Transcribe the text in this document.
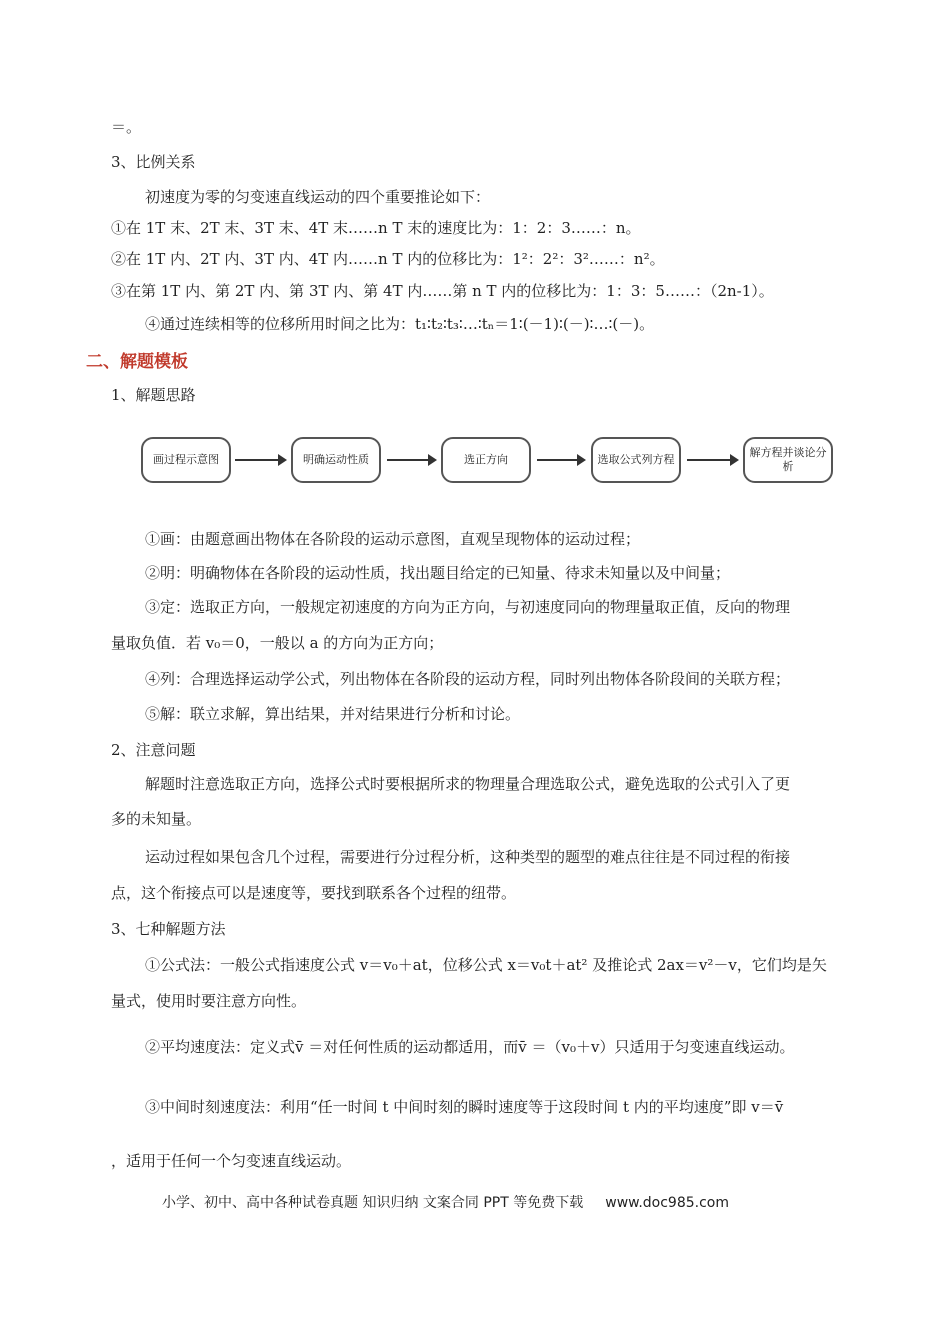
＝。
3、比例关系
初速度为零的匀变速直线运动的四个重要推论如下：
①在 1T 末、2T 末、3T 末、4T 末……n T 末的速度比为：1：2：3……：n。
②在 1T 内、2T 内、3T 内、4T 内……n T 内的位移比为：1²：2²：3²……：n²。
③在第 1T 内、第 2T 内、第 3T 内、第 4T 内……第 n T 内的位移比为：1：3：5……：（2n-1）。
④通过连续相等的位移所用时间之比为：t₁∶t₂∶t₃∶…∶tₙ＝1∶(－1)∶(－)∶…∶(－)。
二、解题模板
1、解题思路
画过程示意图	明确运动性质	选正方向	选取公式列方程
解方程并谈论分析
①画：由题意画出物体在各阶段的运动示意图，直观呈现物体的运动过程；
②明：明确物体在各阶段的运动性质，找出题目给定的已知量、待求未知量以及中间量；
③定：选取正方向，一般规定初速度的方向为正方向，与初速度同向的物理量取正值，反向的物理
量取负值．若 v₀＝0，一般以 a 的方向为正方向；
④列：合理选择运动学公式，列出物体在各阶段的运动方程，同时列出物体各阶段间的关联方程；
⑤解：联立求解，算出结果，并对结果进行分析和讨论。
2、注意问题
解题时注意选取正方向，选择公式时要根据所求的物理量合理选取公式，避免选取的公式引入了更
多的未知量。
运动过程如果包含几个过程，需要进行分过程分析，这种类型的题型的难点往往是不同过程的衔接
点，这个衔接点可以是速度等，要找到联系各个过程的纽带。
3、七种解题方法
①公式法：一般公式指速度公式 v＝v₀＋at，位移公式 x＝v₀t＋at² 及推论式 2ax＝v²－v，它们均是矢
量式，使用时要注意方向性。
②平均速度法：定义式v̄ ＝对任何性质的运动都适用，而v̄ ＝（v₀＋v）只适用于匀变速直线运动。
③中间时刻速度法：利用“任一时间 t 中间时刻的瞬时速度等于这段时间 t 内的平均速度”即 v＝v̄
，适用于任何一个匀变速直线运动。
小学、初中、高中各种试卷真题 知识归纳 文案合同 PPT 等免费下载 www.doc985.com
